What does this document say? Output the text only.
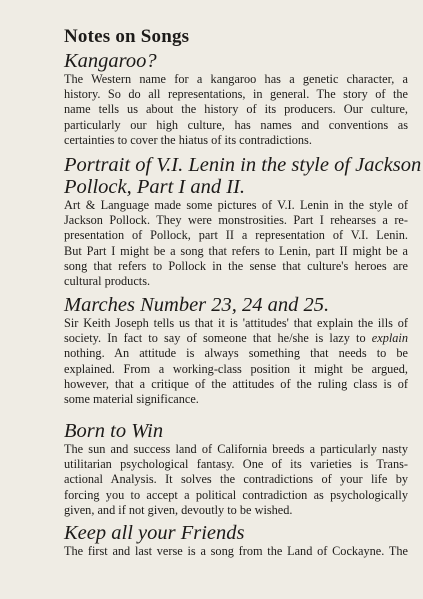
Notes on Songs
Kangaroo?
The Western name for a kangaroo has a genetic character, a
history. So do all representations, in general. The story of the
name tells us about the history of its producers. Our culture,
particularly our high culture, has names and conventions as
certainties to cover the hiatus of its contradictions.
Portrait of V.I. Lenin in the style of Jackson
Pollock, Part I and II.
Art & Language made some pictures of V.I. Lenin in the style of
Jackson Pollock. They were monstrosities. Part I rehearses a re-
presentation of Pollock, part II a representation of V.I. Lenin.
But Part I might be a song that refers to Lenin, part II might be a
song that refers to Pollock in the sense that culture's heroes are
cultural products.
Marches Number 23, 24 and 25.
Sir Keith Joseph tells us that it is 'attitudes' that explain the ills of
society. In fact to say of someone that he/she is lazy to explain
nothing. An attitude is always something that needs to be
explained. From a working-class position it might be argued,
however, that a critique of the attitudes of the ruling class is of
some material significance.
Born to Win
The sun and success land of California breeds a particularly nasty
utilitarian psychological fantasy. One of its varieties is Trans-
actional Analysis. It solves the contradictions of your life by
forcing you to accept a political contradiction as psychologically
given, and if not given, devoutly to be wished.
Keep all your Friends
The first and last verse is a song from the Land of Cockayne. The
